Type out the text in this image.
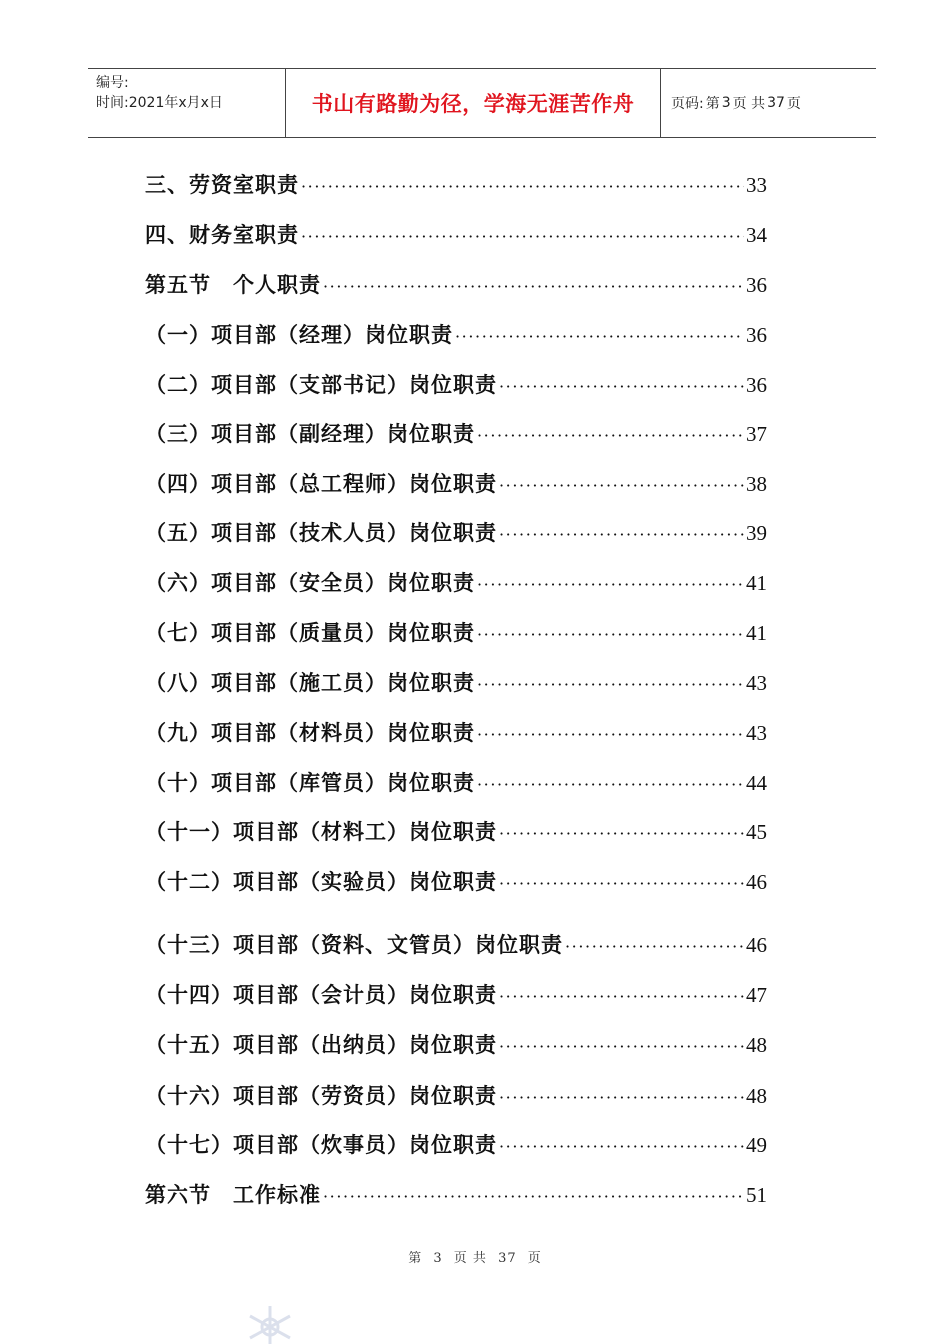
编号:
时间:2021年x月x日	书山有路勤为径，学海无涯苦作舟	页码: 第 3 页 共 37 页
三、劳资室职责 ·····	33
四、财务室职责 ·····	34
第五节　个人职责 ·····	36
（一）项目部（经理）岗位职责 ·····	36
（二）项目部（支部书记）岗位职责 ·····	36
（三）项目部（副经理）岗位职责 ·····	37
（四）项目部（总工程师）岗位职责 ·····	38
（五）项目部（技术人员）岗位职责 ·····	39
（六）项目部（安全员）岗位职责 ·····	41
（七）项目部（质量员）岗位职责 ·····	41
（八）项目部（施工员）岗位职责 ·····	43
（九）项目部（材料员）岗位职责 ·····	43
（十）项目部（库管员）岗位职责 ·····	44
（十一）项目部（材料工）岗位职责 ·····	45
（十二）项目部（实验员）岗位职责 ·····	46
（十三）项目部（资料、文管员）岗位职责 ·····	46
（十四）项目部（会计员）岗位职责 ·····	47
（十五）项目部（出纳员）岗位职责 ·····	48
（十六）项目部（劳资员）岗位职责 ·····	48
（十七）项目部（炊事员）岗位职责 ·····	49
第六节　工作标准 ·····	51
第 3 页 共 37 页
